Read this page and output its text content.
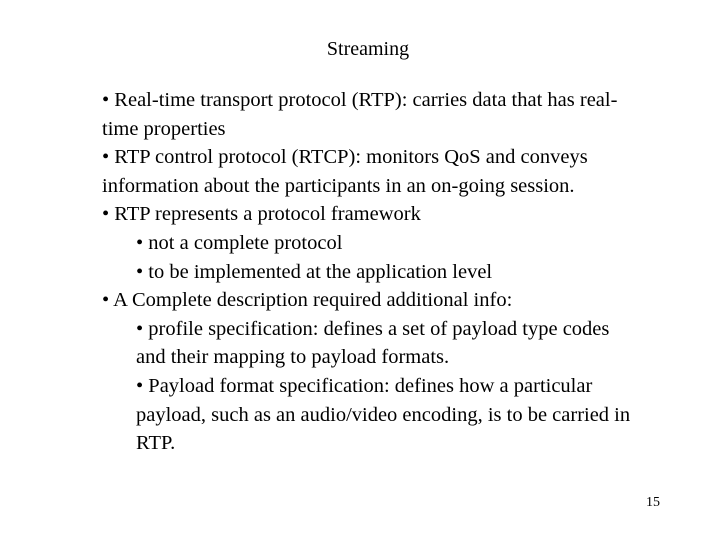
Streaming

• Real-time transport protocol (RTP): carries data that has real-time properties

• RTP control protocol (RTCP): monitors QoS and conveys information about the participants in an on-going session.

• RTP represents a protocol framework

• not a complete protocol

• to be implemented at the application level

• A Complete description required additional info:

• profile specification: defines a set of payload type codes and their mapping to payload formats.

• Payload format specification: defines how a particular payload, such as an audio/video encoding, is to be carried in RTP.

15
